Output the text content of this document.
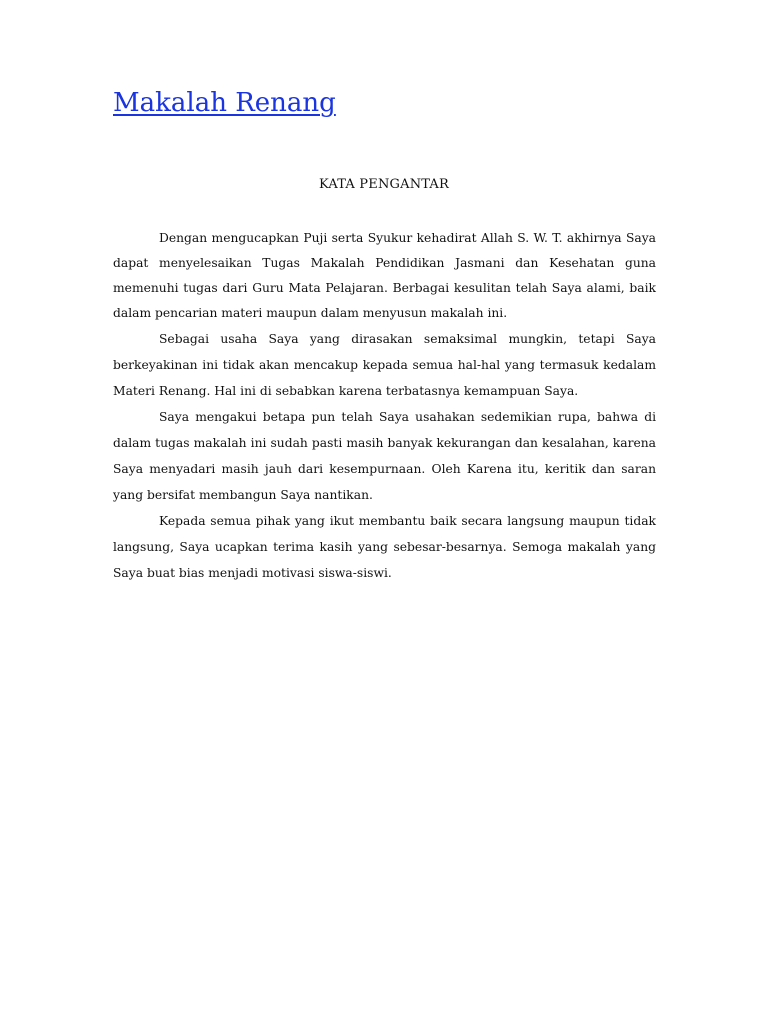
Makalah Renang
KATA PENGANTAR

Dengan mengucapkan Puji serta Syukur kehadirat Allah S. W. T. akhirnya Saya dapat menyelesaikan Tugas Makalah Pendidikan Jasmani dan Kesehatan guna memenuhi tugas dari Guru Mata Pelajaran. Berbagai kesulitan telah Saya alami, baik dalam pencarian materi maupun dalam menyusun makalah ini.

Sebagai usaha Saya yang dirasakan semaksimal mungkin, tetapi Saya berkeyakinan ini tidak akan mencakup kepada semua hal-hal yang termasuk kedalam Materi Renang. Hal ini di sebabkan karena terbatasnya kemampuan Saya.

Saya mengakui betapa pun telah Saya usahakan sedemikian rupa, bahwa di dalam tugas makalah ini sudah pasti masih banyak kekurangan dan kesalahan, karena Saya menyadari masih jauh dari kesempurnaan. Oleh Karena itu, keritik dan saran yang bersifat membangun Saya nantikan.

Kepada semua pihak yang ikut membantu baik secara langsung maupun tidak langsung, Saya ucapkan terima kasih yang sebesar-besarnya. Semoga makalah yang Saya buat bias menjadi motivasi siswa-siswi.
